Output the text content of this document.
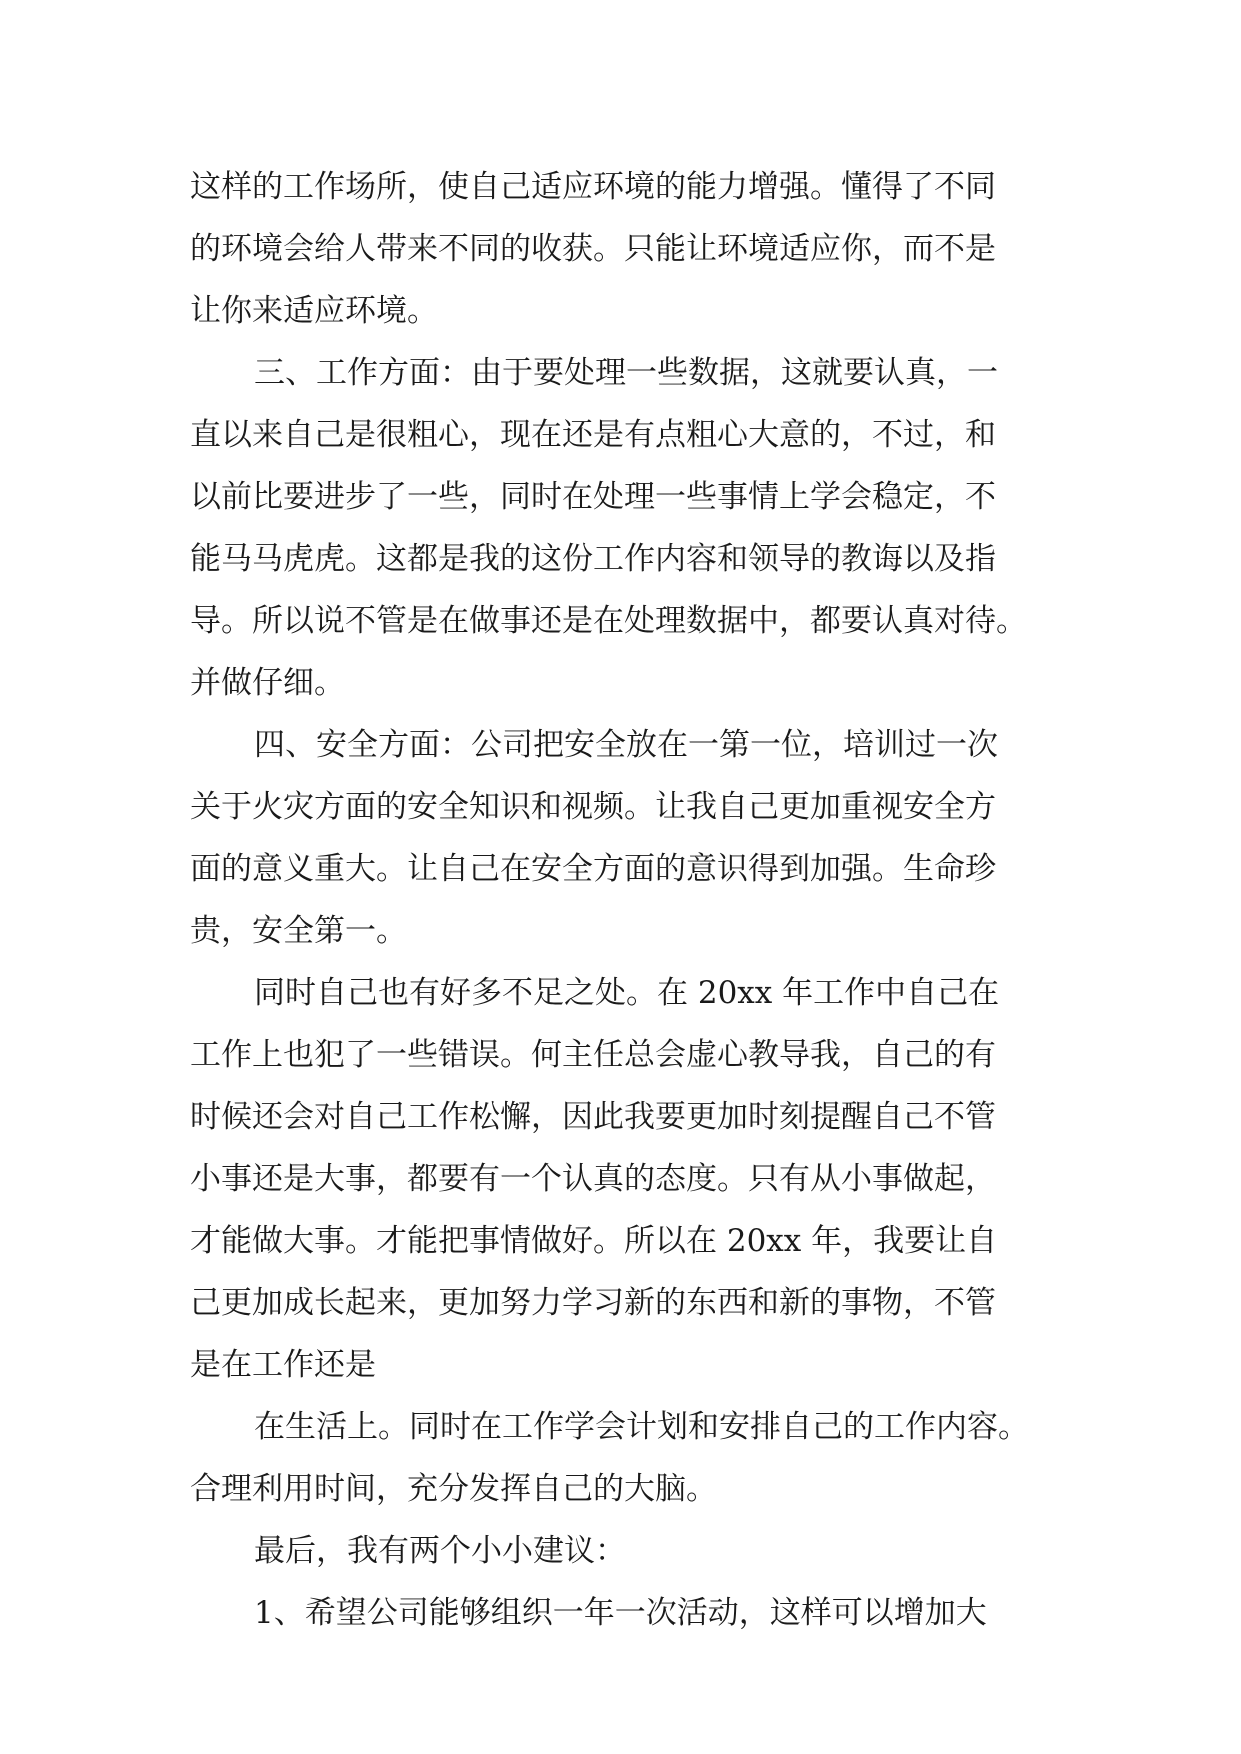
这样的工作场所，使自己适应环境的能力增强。懂得了不同
的环境会给人带来不同的收获。只能让环境适应你，而不是
让你来适应环境。

三、工作方面：由于要处理一些数据，这就要认真，一
直以来自己是很粗心，现在还是有点粗心大意的，不过，和
以前比要进步了一些，同时在处理一些事情上学会稳定，不
能马马虎虎。这都是我的这份工作内容和领导的教诲以及指
导。所以说不管是在做事还是在处理数据中，都要认真对待。
并做仔细。

四、安全方面：公司把安全放在一第一位，培训过一次
关于火灾方面的安全知识和视频。让我自己更加重视安全方
面的意义重大。让自己在安全方面的意识得到加强。生命珍
贵，安全第一。

同时自己也有好多不足之处。在 20xx 年工作中自己在
工作上也犯了一些错误。何主任总会虚心教导我，自己的有
时候还会对自己工作松懈，因此我要更加时刻提醒自己不管
小事还是大事，都要有一个认真的态度。只有从小事做起，
才能做大事。才能把事情做好。所以在 20xx 年，我要让自
己更加成长起来，更加努力学习新的东西和新的事物，不管
是在工作还是

在生活上。同时在工作学会计划和安排自己的工作内容。
合理利用时间，充分发挥自己的大脑。

最后，我有两个小小建议：

1、希望公司能够组织一年一次活动，这样可以增加大
